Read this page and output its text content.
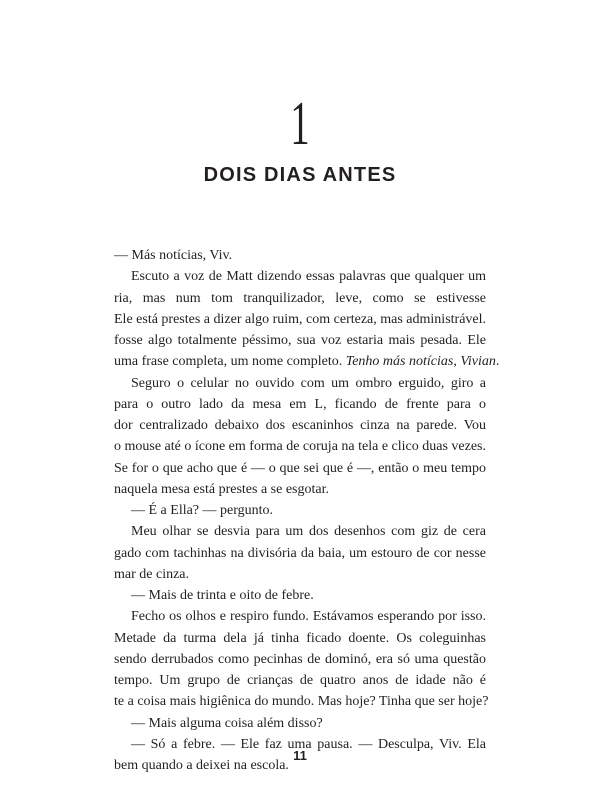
1
DOIS DIAS ANTES
— Más notícias, Viv.
Escuto a voz de Matt dizendo essas palavras que qualquer um
ria, mas num tom tranquilizador, leve, como se estivesse
Ele está prestes a dizer algo ruim, com certeza, mas administrável.
fosse algo totalmente péssimo, sua voz estaria mais pesada. Ele
uma frase completa, um nome completo. Tenho más notícias, Vivian.
Seguro o celular no ouvido com um ombro erguido, giro a
para o outro lado da mesa em L, ficando de frente para o
dor centralizado debaixo dos escaninhos cinza na parede. Vou
o mouse até o ícone em forma de coruja na tela e clico duas vezes.
Se for o que acho que é — o que sei que é —, então o meu tempo
naquela mesa está prestes a se esgotar.
— É a Ella? — pergunto.
Meu olhar se desvia para um dos desenhos com giz de cera
gado com tachinhas na divisória da baia, um estouro de cor nesse
mar de cinza.
— Mais de trinta e oito de febre.
Fecho os olhos e respiro fundo. Estávamos esperando por isso.
Metade da turma dela já tinha ficado doente. Os coleguinhas
sendo derrubados como pecinhas de dominó, era só uma questão
tempo. Um grupo de crianças de quatro anos de idade não é
te a coisa mais higiênica do mundo. Mas hoje? Tinha que ser hoje?
— Mais alguma coisa além disso?
— Só a febre. — Ele faz uma pausa. — Desculpa, Viv. Ela
bem quando a deixei na escola.
11
